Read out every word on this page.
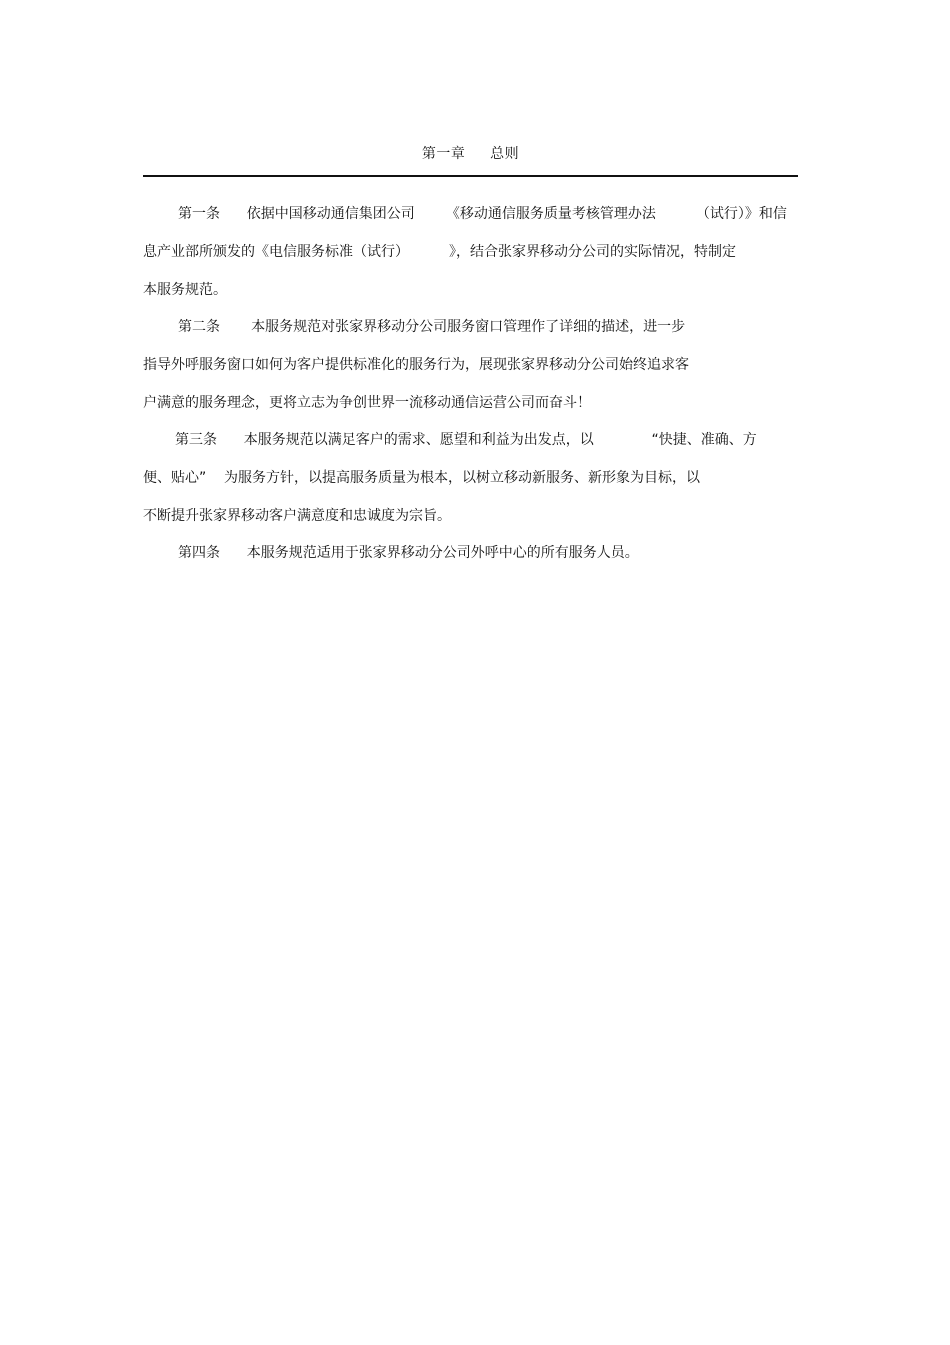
第一章     总则
第一条      依据中国移动通信集团公司       《移动通信服务质量考核管理办法         （试行）》和信
息产业部所颁发的《电信服务标准（试行）         》，结合张家界移动分公司的实际情况，特制定
本服务规范。
第二条       本服务规范对张家界移动分公司服务窗口管理作了详细的描述，进一步
指导外呼服务窗口如何为客户提供标准化的服务行为，展现张家界移动分公司始终追求客
户满意的服务理念，更将立志为争创世界一流移动通信运营公司而奋斗！
第三条      本服务规范以满足客户的需求、愿望和利益为出发点，以             “快捷、准确、方
便、贴心”    为服务方针，以提高服务质量为根本，以树立移动新服务、新形象为目标，以
不断提升张家界移动客户满意度和忠诚度为宗旨。
第四条      本服务规范适用于张家界移动分公司外呼中心的所有服务人员。
